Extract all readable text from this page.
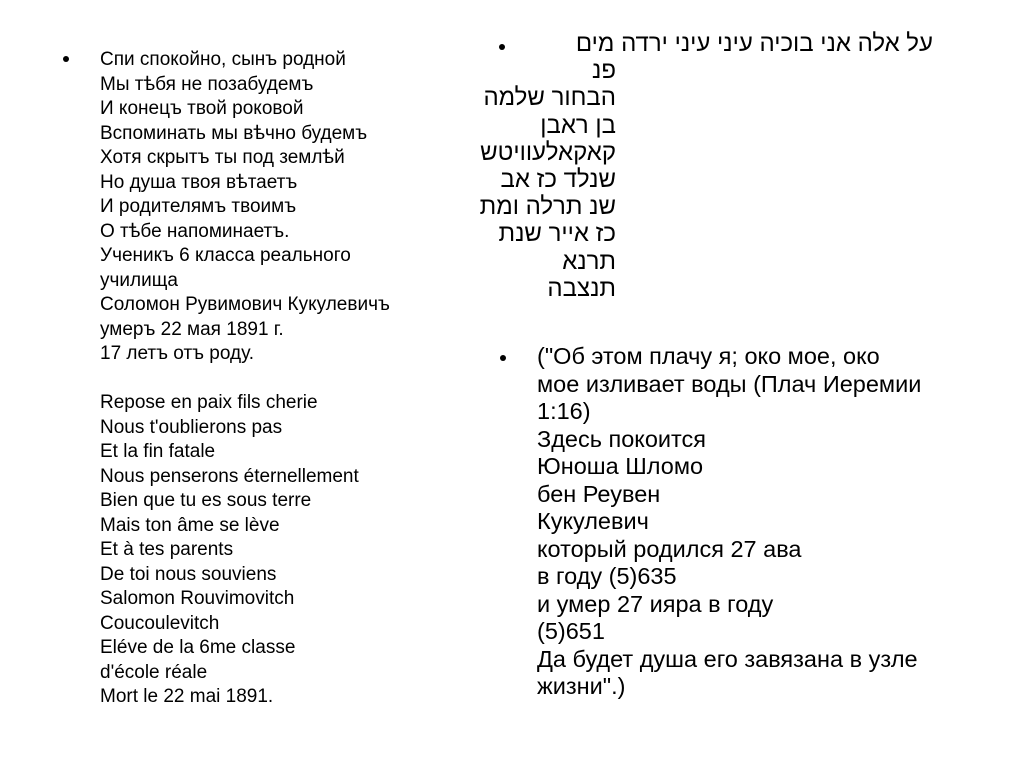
Спи спокойно, сынъ родной
Мы тѣбя не позабудемъ
И конецъ твой роковой
Вспоминать мы вѣчно будемъ
Хотя скрытъ ты под землѣй
Но душа твоя вѣтаетъ
И родителямъ твоимъ
О тѣбе напоминаетъ.
Ученикъ 6 класса реального
училища
Соломон Рувимович Кукулевичъ
умеръ 22 мая 1891 г.
17 летъ отъ роду.
Repose en paix fils cherie
Nous t'oublierons pas
Et la fin fatale
Nous penserons éternellement
Bien que tu es sous terre
Mais ton âme se lève
Et à tes parents
De toi nous souviens
Salomon Rouvimovitch
Coucoulevitch
Eléve de la 6me classe
d'école réale
Mort le 22 mai 1891.
על אלה אני בוכיה עיני עיני ירדה מים
פנ
הבחור שלמה
בן ראבן
קאקאלעוויטש
שנלד כז אב
שנ תרלה ומת
כז אייר שנת
תרנא
תנצבה
("Об этом плачу я; око мое, око
мое изливает воды (Плач Иеремии
1:16)
Здесь покоится
Юноша Шломо
бен Реувен
Кукулевич
который родился 27 ава
в году (5)635
и умер 27 ияра в году
(5)651
Да будет душа его завязана в узле
жизни".)
